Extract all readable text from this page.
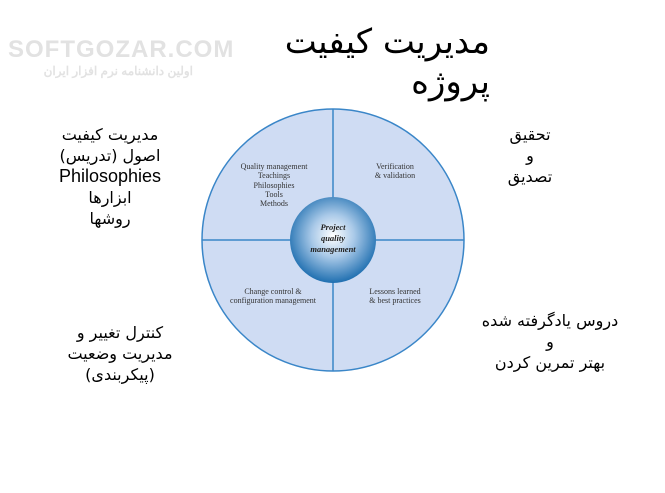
SOFTGOZAR.COM
اولین دانشنامه نرم افزار ایران
مدیریت کیفیت پروژه
مدیریت کیفیت
اصول (تدریس)
Philosophies
ابزارها
روشها
تحقیق
و
تصدیق
کنترل تغییر و
مدیریت وضعیت
(پیکربندی)
دروس یادگرفته شده
و
بهتر تمرین کردن
Project
quality
management
Quality management
Teachings
Philosophies
Tools
Methods
Verification
& validation
Change control &
configuration management
Lessons learned
& best practices
